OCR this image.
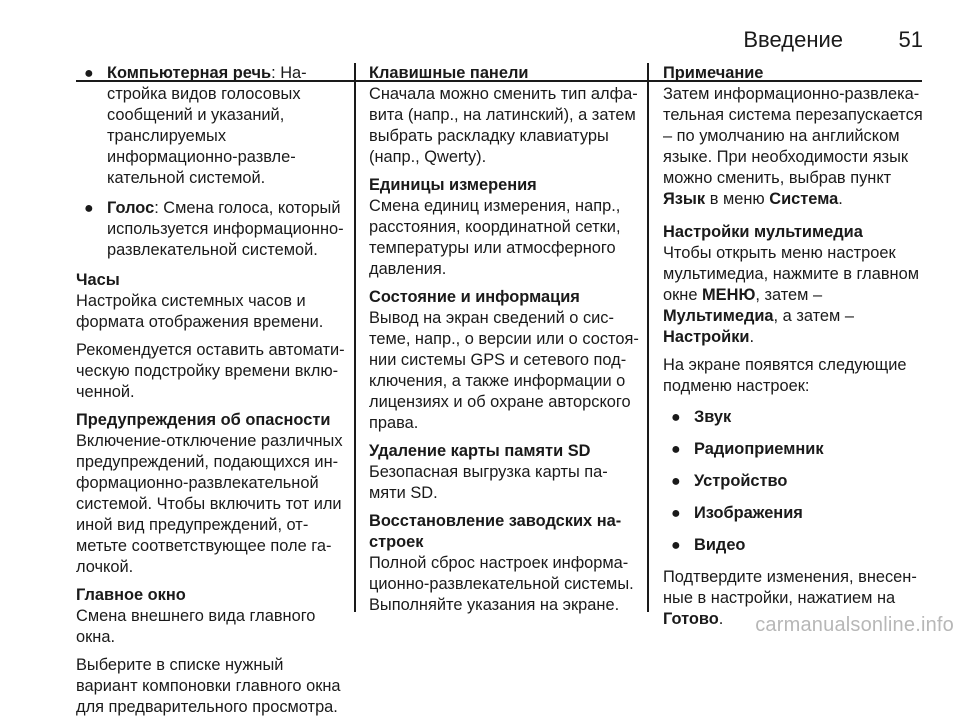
Введение	51
● Компьютерная речь: Настройка видов голосовых сообщений и указаний, транслируемых информационно-развлекательной системой.
● Голос: Смена голоса, который используется информационно-развлекательной системой.
Часы

Настройка системных часов и формата отображения времени.

Рекомендуется оставить автоматическую подстройку времени включенной.

Предупреждения об опасности

Включение-отключение различных предупреждений, подающихся информационно-развлекательной системой. Чтобы включить тот или иной вид предупреждений, отметьте соответствующее поле галочкой.

Главное окно

Смена внешнего вида главного окна.

Выберите в списке нужный вариант компоновки главного окна для предварительного просмотра.

Клавишные панели

Сначала можно сменить тип алфавита (напр., на латинский), а затем выбрать раскладку клавиатуры (напр., Qwerty).

Единицы измерения

Смена единиц измерения, напр., расстояния, координатной сетки, температуры или атмосферного давления.

Состояние и информация

Вывод на экран сведений о системе, напр., о версии или о состоянии системы GPS и сетевого подключения, а также информации о лицензиях и об охране авторского права.

Удаление карты памяти SD

Безопасная выгрузка карты памяти SD.

Восстановление заводских настроек

Полной сброс настроек информационно-развлекательной системы. Выполняйте указания на экране.

Примечание

Затем информационно-развлекательная система перезапускается – по умолчанию на английском языке. При необходимости язык можно сменить, выбрав пункт Язык в меню Система.

Настройки мультимедиа

Чтобы открыть меню настроек мультимедиа, нажмите в главном окне МЕНЮ, затем – Мультимедиа, а затем – Настройки.

На экране появятся следующие подменю настроек:

● Звук
● Радиоприемник
● Устройство
● Изображения
● Видео

Подтвердите изменения, внесенные в настройки, нажатием на Готово.	carmanualsonline.info
